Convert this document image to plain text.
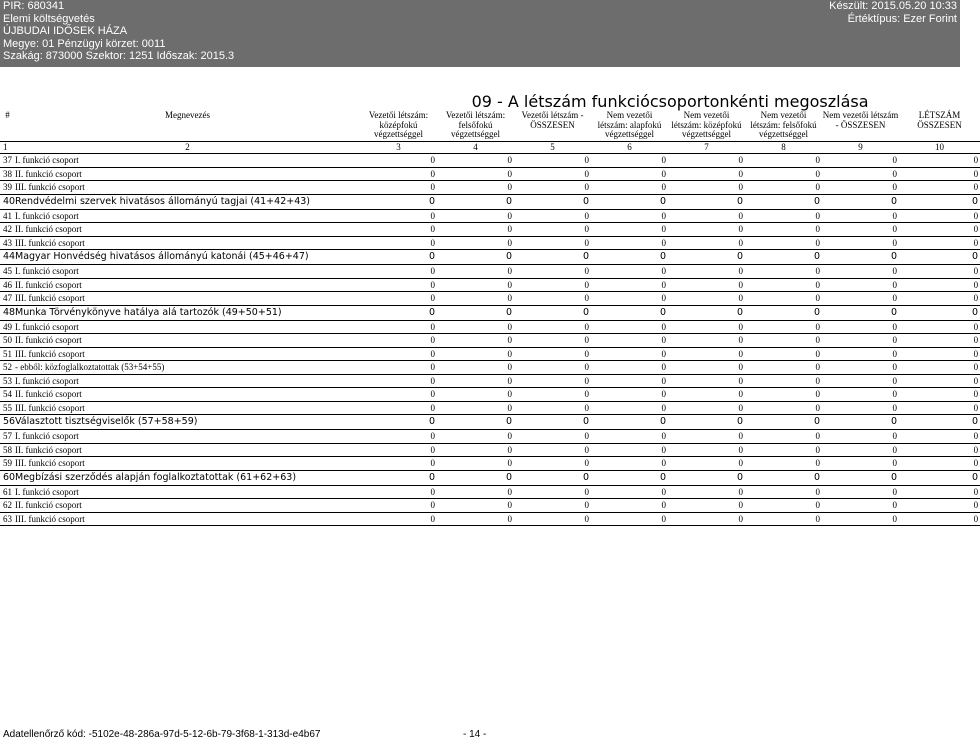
PIR: 680341
Elemi költségvetés
ÚJBUDAI IDŐSEK HÁZA
Megye: 01 Pénzügyi körzet: 0011
Szakág: 873000 Szektor: 1251 Időszak: 2015.3
Készült: 2015.05.20 10:33
Értéktípus: Ezer Forint
		09 - A létszám funkciócsoportonkénti megoszlása							
#	Megnevezés	Vezetői létszám: középfokú végzettséggel	Vezetői létszám: felsőfokú végzettséggel	Vezetői létszám - ÖSSZESEN	Nem vezetői létszám: alapfokú végzettséggel	Nem vezetői létszám: középfokú végzettséggel	Nem vezetői létszám: felsőfokú végzettséggel	Nem vezetői létszám - ÖSSZESEN	LÉTSZÁM ÖSSZESEN
1	2	3	4	5	6	7	8	9	10
37	I. funkció csoport	0	0	0	0	0	0	0	0
38	II. funkció csoport	0	0	0	0	0	0	0	0
39	III. funkció csoport	0	0	0	0	0	0	0	0
40	Rendvédelmi szervek hivatásos állományú tagjai (41+42+43)	0	0	0	0	0	0	0	0
41	I. funkció csoport	0	0	0	0	0	0	0	0
42	II. funkció csoport	0	0	0	0	0	0	0	0
43	III. funkció csoport	0	0	0	0	0	0	0	0
44	Magyar Honvédség hivatásos állományú katonái (45+46+47)	0	0	0	0	0	0	0	0
45	I. funkció csoport	0	0	0	0	0	0	0	0
46	II. funkció csoport	0	0	0	0	0	0	0	0
47	III. funkció csoport	0	0	0	0	0	0	0	0
48	Munka Törvénykönyve hatálya alá tartozók (49+50+51)	0	0	0	0	0	0	0	0
49	I. funkció csoport	0	0	0	0	0	0	0	0
50	II. funkció csoport	0	0	0	0	0	0	0	0
51	III. funkció csoport	0	0	0	0	0	0	0	0
52	- ebből: közfoglalkoztatottak (53+54+55)	0	0	0	0	0	0	0	0
53	I. funkció csoport	0	0	0	0	0	0	0	0
54	II. funkció csoport	0	0	0	0	0	0	0	0
55	III. funkció csoport	0	0	0	0	0	0	0	0
56	Választott tisztségviselők (57+58+59)	0	0	0	0	0	0	0	0
57	I. funkció csoport	0	0	0	0	0	0	0	0
58	II. funkció csoport	0	0	0	0	0	0	0	0
59	III. funkció csoport	0	0	0	0	0	0	0	0
60	Megbízási szerződés alapján foglalkoztatottak (61+62+63)	0	0	0	0	0	0	0	0
61	I. funkció csoport	0	0	0	0	0	0	0	0
62	II. funkció csoport	0	0	0	0	0	0	0	0
63	III. funkció csoport	0	0	0	0	0	0	0	0
Adatellenőrző kód: -5102e-48-286a-97d-5-12-6b-79-3f68-1-313d-e4b67	- 14 -
